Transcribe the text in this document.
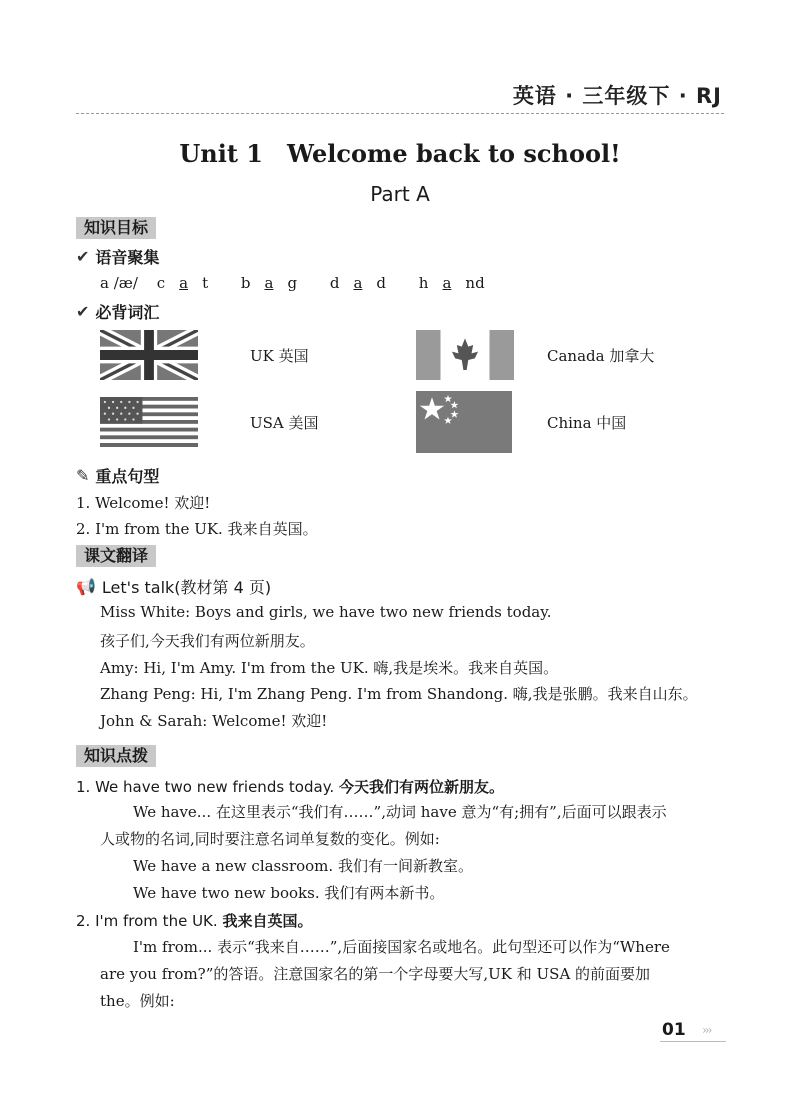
英语 · 三年级下 · RJ
Unit 1　Welcome back to school!
Part A
知识目标
✔ 语音聚集
a /æ/ c a t b a g d a d h a nd
✔ 必背词汇
UK 英国	Canada 加拿大
USA 美国	China 中国
✎ 重点句型
1. Welcome! 欢迎!
2. I'm from the UK. 我来自英国。
课文翻译
📢 Let's talk(教材第 4 页)
Miss White: Boys and girls, we have two new friends today.
孩子们,今天我们有两位新朋友。
Amy: Hi, I'm Amy. I'm from the UK. 嗨,我是埃米。我来自英国。
Zhang Peng: Hi, I'm Zhang Peng. I'm from Shandong. 嗨,我是张鹏。我来自山东。
John & Sarah: Welcome! 欢迎!
知识点拨
1. We have two new friends today. 今天我们有两位新朋友。
We have... 在这里表示“我们有……”,动词 have 意为“有;拥有”,后面可以跟表示
人或物的名词,同时要注意名词单复数的变化。例如:
We have a new classroom. 我们有一间新教室。
We have two new books. 我们有两本新书。
2. I'm from the UK. 我来自英国。
I'm from... 表示“我来自……”,后面接国家名或地名。此句型还可以作为“Where
are you from?”的答语。注意国家名的第一个字母要大写,UK 和 USA 的前面要加
the。例如:
01 ›››
